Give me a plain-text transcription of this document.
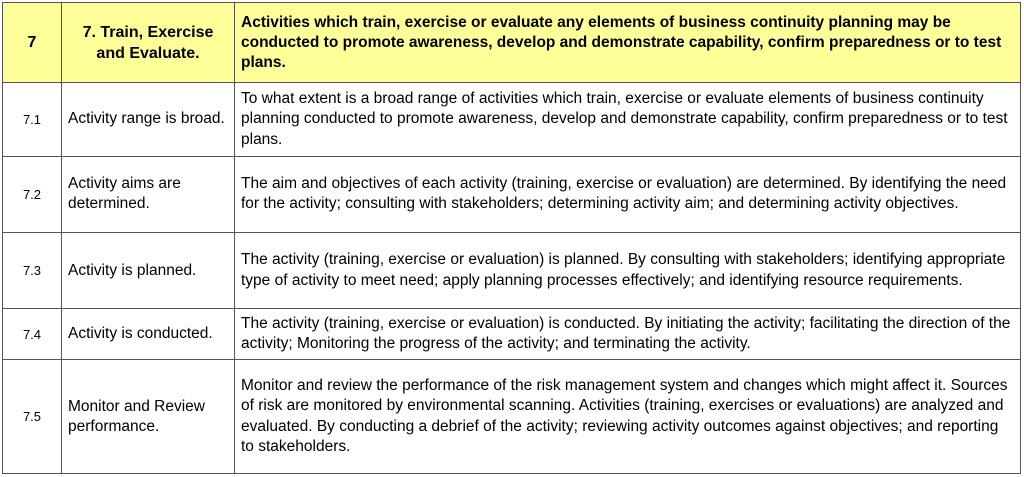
7	7. Train, Exercise and Evaluate.	Activities which train, exercise or evaluate any elements of business continuity planning may be conducted to promote awareness, develop and demonstrate capability, confirm preparedness or to test plans.
7.1	Activity range is broad.	To what extent is a broad range of activities which train, exercise or evaluate elements of business continuity planning conducted to promote awareness, develop and demonstrate capability, confirm preparedness or to test plans.
7.2	Activity aims are determined.	The aim and objectives of each activity (training, exercise or evaluation) are determined. By identifying the need for the activity; consulting with stakeholders; determining activity aim; and determining activity objectives.
7.3	Activity is planned.	The activity (training, exercise or evaluation) is planned. By consulting with stakeholders; identifying appropriate type of activity to meet need; apply planning processes effectively; and identifying resource requirements.
7.4	Activity is conducted.	The activity (training, exercise or evaluation) is conducted. By initiating the activity; facilitating the direction of the activity; Monitoring the progress of the activity; and terminating the activity.
7.5	Monitor and Review performance.	Monitor and review the performance of the risk management system and changes which might affect it. Sources of risk are monitored by environmental scanning. Activities (training, exercises or evaluations) are analyzed and evaluated. By conducting a debrief of the activity; reviewing activity outcomes against objectives; and reporting to stakeholders.
